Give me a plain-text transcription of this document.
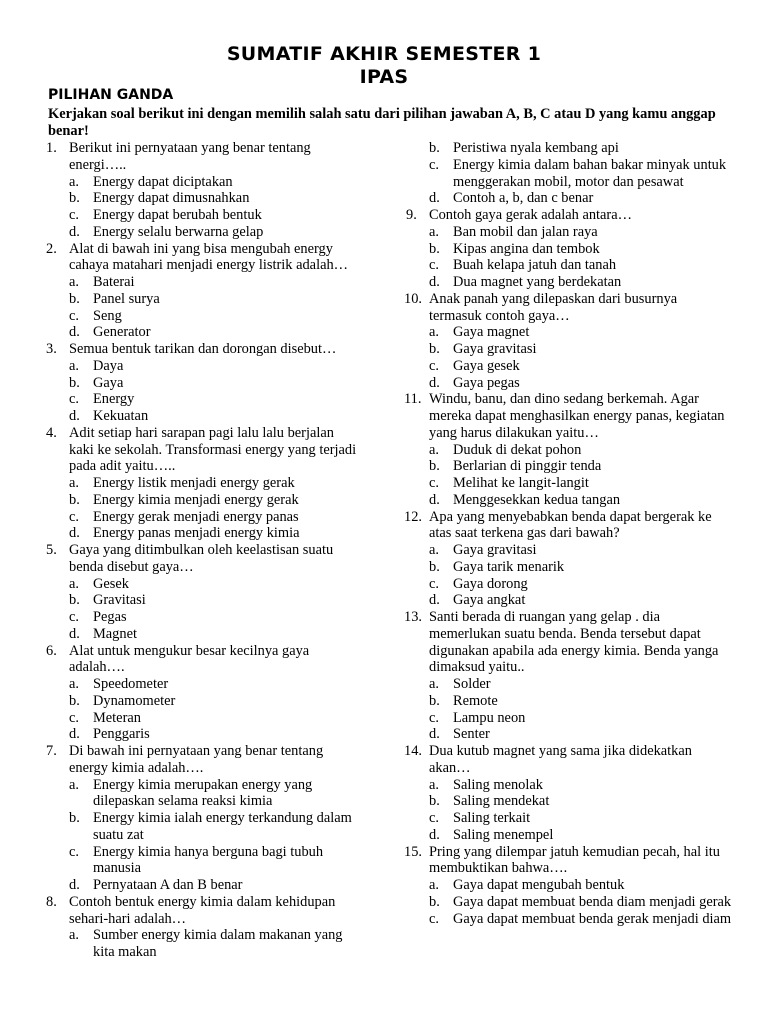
SUMATIF AKHIR SEMESTER 1
IPAS
PILIHAN GANDA
Kerjakan soal berikut ini dengan memilih salah satu dari pilihan jawaban A, B, C atau D yang kamu anggap benar!
1. Berikut ini pernyataan yang benar tentang energi…..
a. Energy dapat diciptakan
b. Energy dapat dimusnahkan
c. Energy dapat berubah bentuk
d. Energy selalu berwarna gelap
2. Alat di bawah ini yang bisa mengubah energy cahaya matahari menjadi energy listrik adalah…
a. Baterai
b. Panel surya
c. Seng
d. Generator
3. Semua bentuk tarikan dan dorongan disebut…
a. Daya
b. Gaya
c. Energy
d. Kekuatan
4. Adit setiap hari sarapan pagi lalu lalu berjalan kaki ke sekolah. Transformasi energy yang terjadi pada adit yaitu…..
a. Energy listik menjadi energy gerak
b. Energy kimia menjadi energy gerak
c. Energy gerak menjadi energy panas
d. Energy panas menjadi energy kimia
5. Gaya yang ditimbulkan oleh keelastisan suatu benda disebut gaya…
a. Gesek
b. Gravitasi
c. Pegas
d. Magnet
6. Alat untuk mengukur besar kecilnya gaya adalah….
a. Speedometer
b. Dynamometer
c. Meteran
d. Penggaris
7. Di bawah ini pernyataan yang benar tentang energy kimia adalah….
a. Energy kimia merupakan energy yang dilepaskan selama reaksi kimia
b. Energy kimia ialah energy terkandung dalam suatu zat
c. Energy kimia hanya berguna bagi tubuh manusia
d. Pernyataan A dan B benar
8. Contoh bentuk energy kimia dalam kehidupan sehari-hari adalah…
a. Sumber energy kimia dalam makanan yang kita makan
b. Peristiwa nyala kembang api
c. Energy kimia dalam bahan bakar minyak untuk menggerakan mobil, motor dan pesawat
d. Contoh a, b, dan c benar
9. Contoh gaya gerak adalah antara…
a. Ban mobil dan jalan raya
b. Kipas angina dan tembok
c. Buah kelapa jatuh dan tanah
d. Dua magnet yang berdekatan
10. Anak panah yang dilepaskan dari busurnya termasuk contoh gaya…
a. Gaya magnet
b. Gaya gravitasi
c. Gaya gesek
d. Gaya pegas
11. Windu, banu, dan dino sedang berkemah. Agar mereka dapat menghasilkan energy panas, kegiatan yang harus dilakukan yaitu…
a. Duduk di dekat pohon
b. Berlarian di pinggir tenda
c. Melihat ke langit-langit
d. Menggesekkan kedua tangan
12. Apa yang menyebabkan benda dapat bergerak ke atas saat terkena gas dari bawah?
a. Gaya gravitasi
b. Gaya tarik menarik
c. Gaya dorong
d. Gaya angkat
13. Santi berada di ruangan yang gelap . dia memerlukan suatu benda. Benda tersebut dapat digunakan apabila ada energy kimia. Benda yanga dimaksud yaitu..
a. Solder
b. Remote
c. Lampu neon
d. Senter
14. Dua kutub magnet yang sama jika didekatkan akan…
a. Saling menolak
b. Saling mendekat
c. Saling terkait
d. Saling menempel
15. Pring yang dilempar jatuh kemudian pecah, hal itu membuktikan bahwa….
a. Gaya dapat mengubah bentuk
b. Gaya dapat membuat benda diam menjadi gerak
c. Gaya dapat membuat benda gerak menjadi diam
